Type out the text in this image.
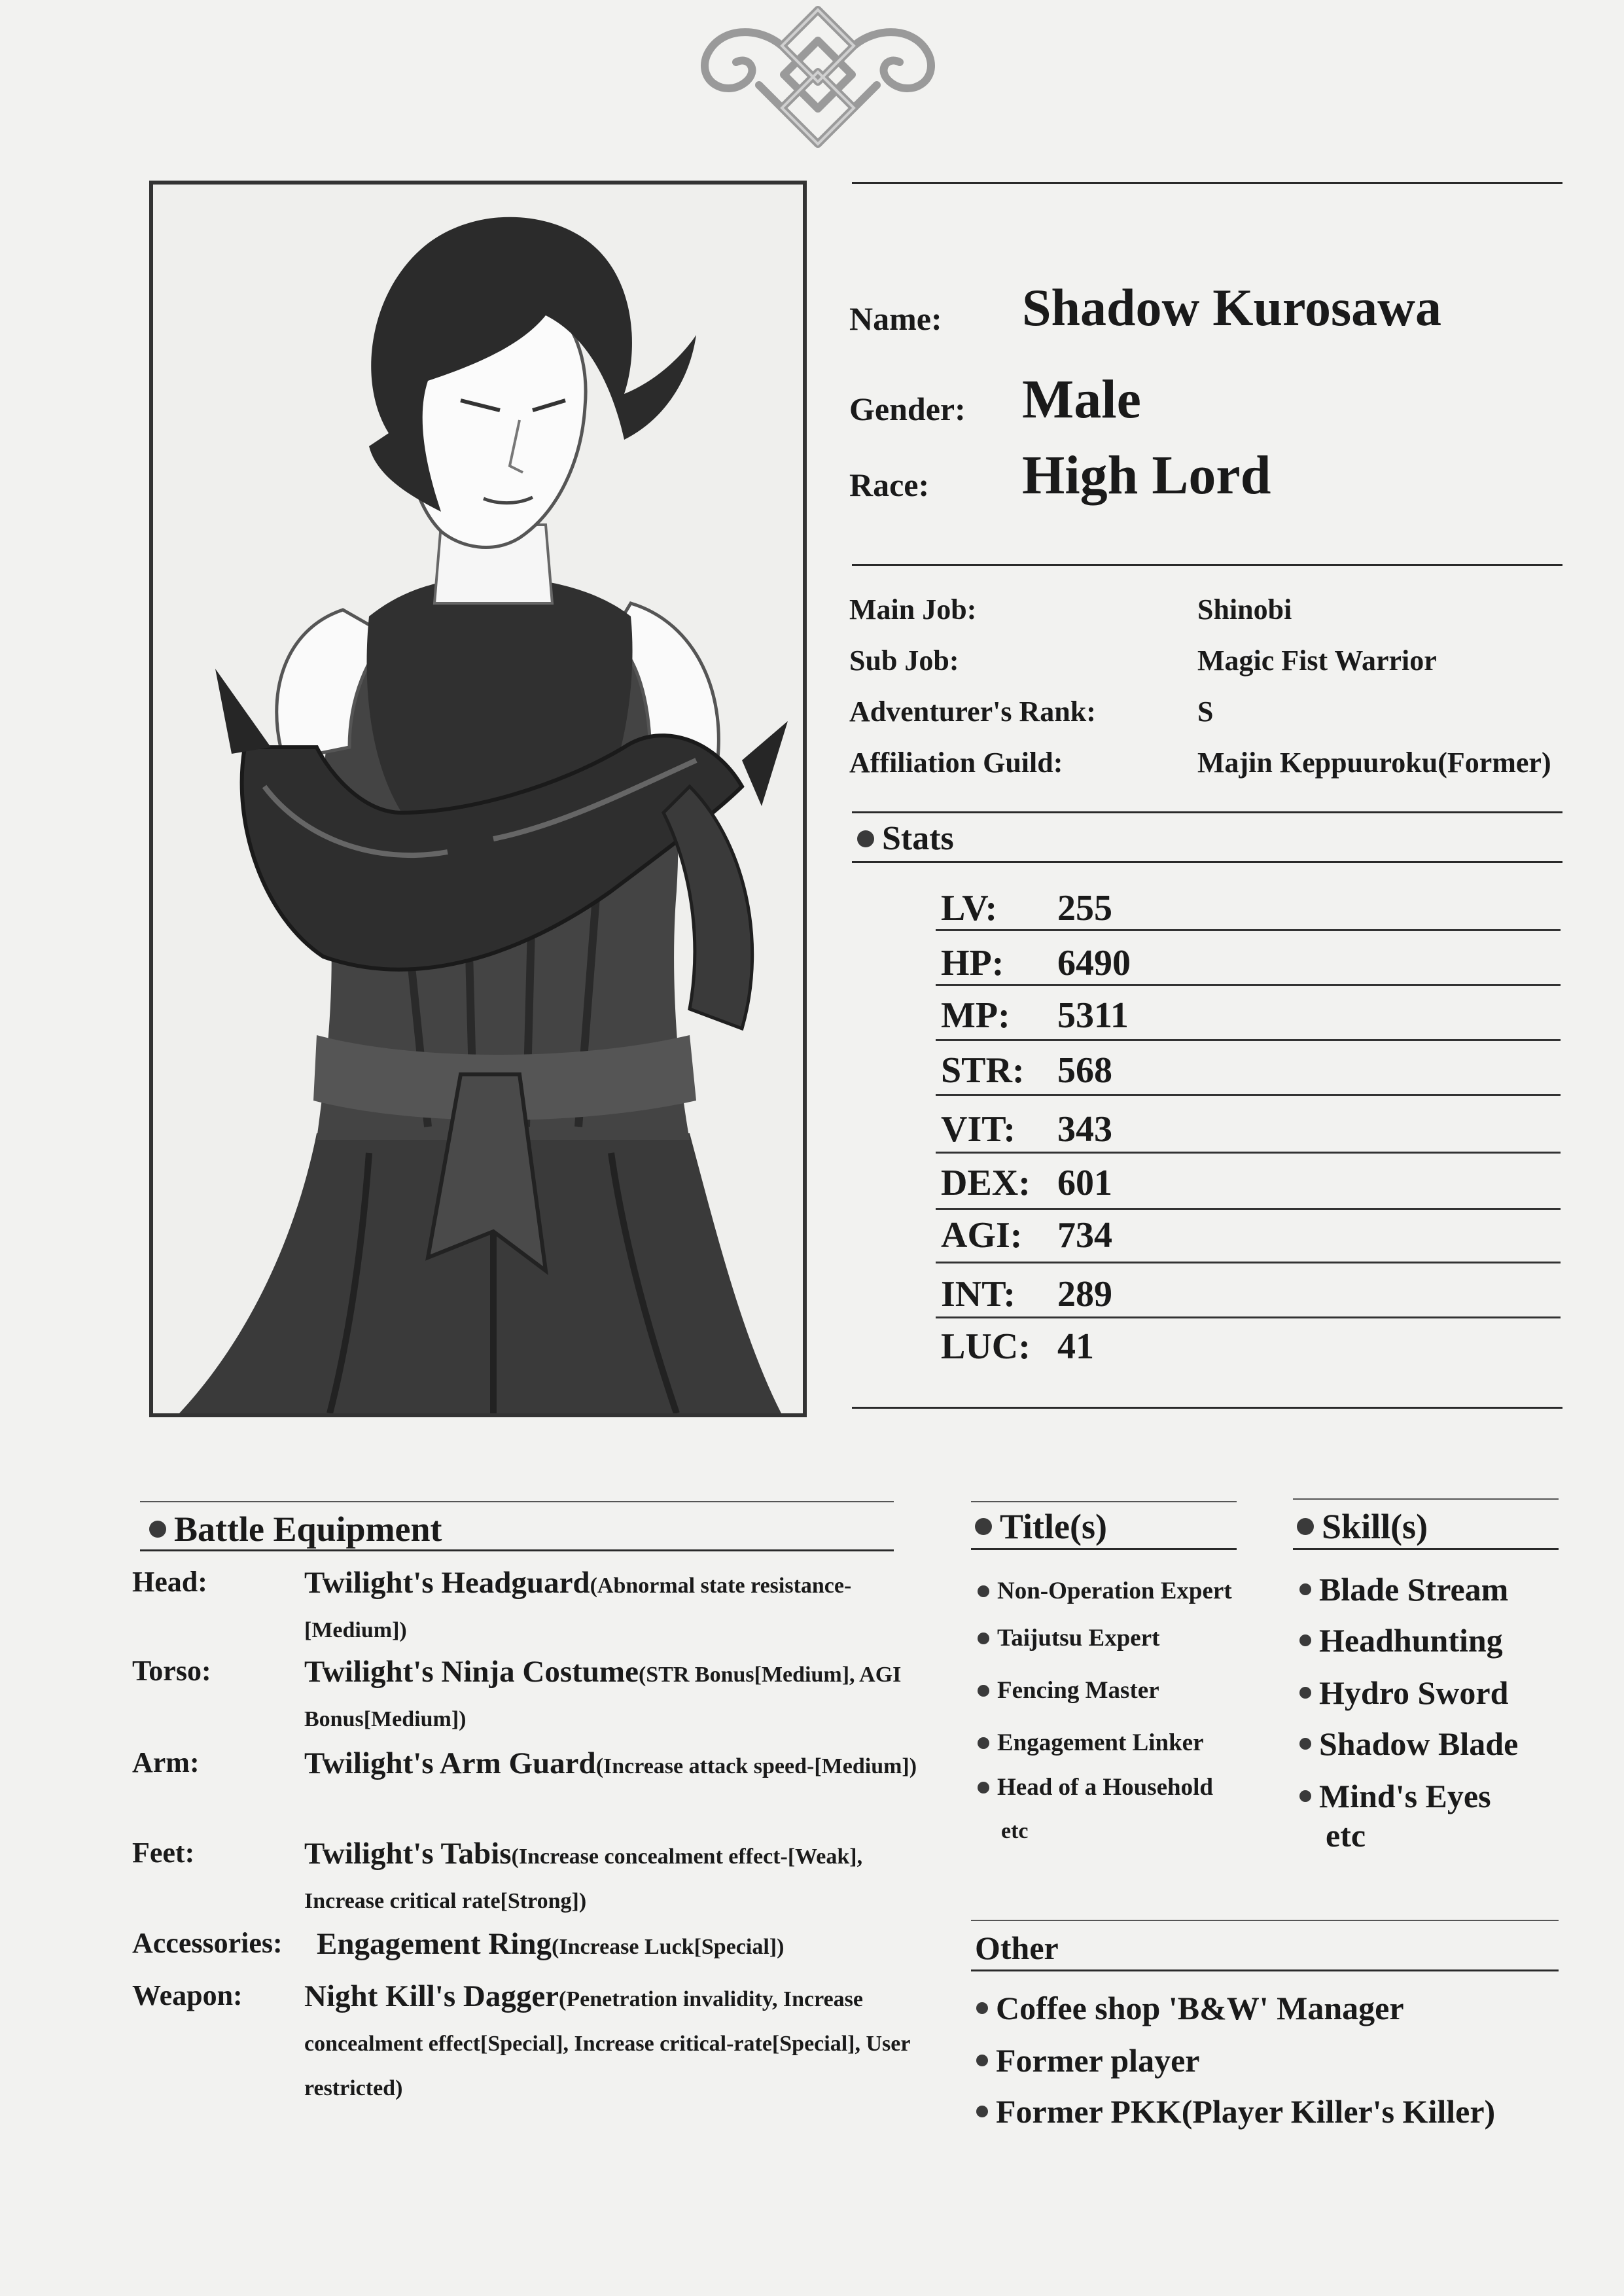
Name: Shadow Kurosawa
Gender: Male
Race: High Lord
Main Job:	Shinobi
Sub Job:	Magic Fist Warrior
Adventurer's Rank:	S
Affiliation Guild:	Majin Keppuuroku(Former)
Stats
LV: 255
HP: 6490
MP: 5311
STR: 568
VIT: 343
DEX: 601
AGI: 734
INT: 289
LUC: 41
Battle Equipment
Head:	Twilight's Headguard(Abnormal state resistance-[Medium])
Torso:	Twilight's Ninja Costume(STR Bonus[Medium], AGI Bonus[Medium])
Arm:	Twilight's Arm Guard(Increase attack speed-[Medium])
Feet:	Twilight's Tabis(Increase concealment effect-[Weak], Increase critical rate[Strong])
Accessories: Engagement Ring(Increase Luck[Special])
Weapon: Night Kill's Dagger(Penetration invalidity, Increase concealment effect[Special], Increase critical-rate[Special], User restricted)
Title(s)
Non-Operation Expert
Taijutsu Expert
Fencing Master
Engagement Linker
Head of a Household
etc
Skill(s)
Blade Stream
Headhunting
Hydro Sword
Shadow Blade
Mind's Eyes
etc
Other
Coffee shop 'B&W' Manager
Former player
Former PKK(Player Killer's Killer)
